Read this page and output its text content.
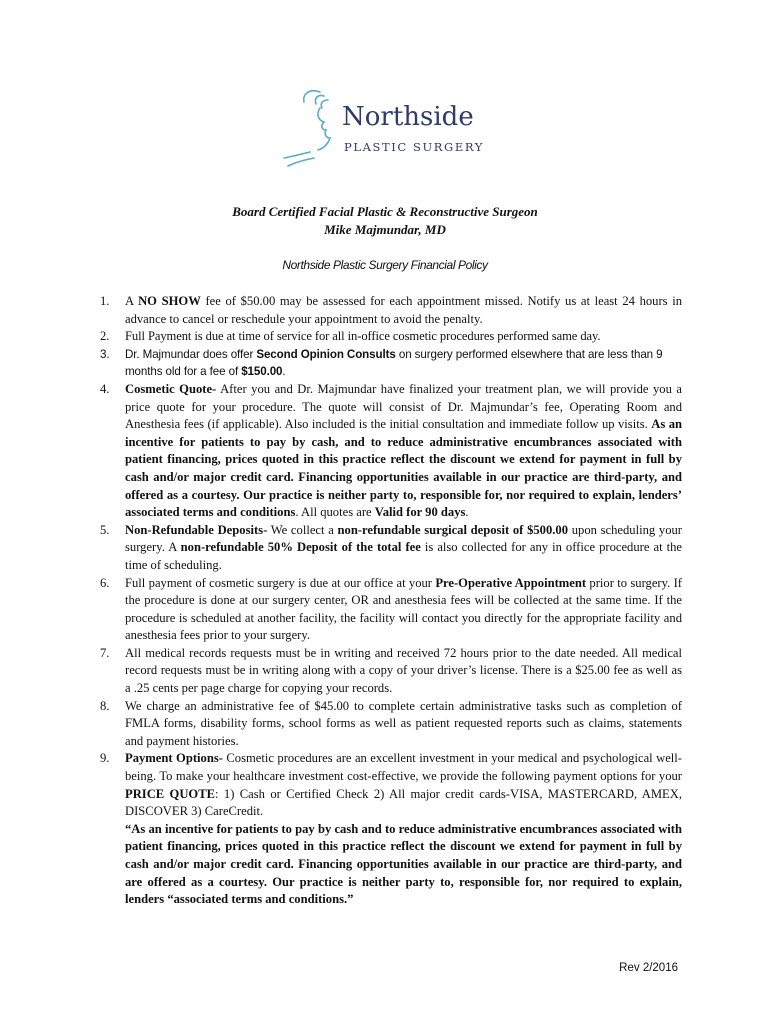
Northside
PLASTIC SURGERY
Board Certified Facial Plastic & Reconstructive Surgeon
Mike Majmundar, MD
Northside Plastic Surgery Financial Policy
1. A NO SHOW fee of $50.00 may be assessed for each appointment missed. Notify us at least 24 hours in advance to cancel or reschedule your appointment to avoid the penalty.
2. Full Payment is due at time of service for all in-office cosmetic procedures performed same day.
3. Dr. Majmundar does offer Second Opinion Consults on surgery performed elsewhere that are less than 9 months old for a fee of $150.00.
4. Cosmetic Quote- After you and Dr. Majmundar have finalized your treatment plan, we will provide you a price quote for your procedure. The quote will consist of Dr. Majmundar’s fee, Operating Room and Anesthesia fees (if applicable). Also included is the initial consultation and immediate follow up visits. As an incentive for patients to pay by cash, and to reduce administrative encumbrances associated with patient financing, prices quoted in this practice reflect the discount we extend for payment in full by cash and/or major credit card. Financing opportunities available in our practice are third-party, and offered as a courtesy. Our practice is neither party to, responsible for, nor required to explain, lenders’ associated terms and conditions. All quotes are Valid for 90 days.
5. Non-Refundable Deposits- We collect a non-refundable surgical deposit of $500.00 upon scheduling your surgery. A non-refundable 50% Deposit of the total fee is also collected for any in office procedure at the time of scheduling.
6. Full payment of cosmetic surgery is due at our office at your Pre-Operative Appointment prior to surgery. If the procedure is done at our surgery center, OR and anesthesia fees will be collected at the same time. If the procedure is scheduled at another facility, the facility will contact you directly for the appropriate facility and anesthesia fees prior to your surgery.
7. All medical records requests must be in writing and received 72 hours prior to the date needed. All medical record requests must be in writing along with a copy of your driver’s license. There is a $25.00 fee as well as a .25 cents per page charge for copying your records.
8. We charge an administrative fee of $45.00 to complete certain administrative tasks such as completion of FMLA forms, disability forms, school forms as well as patient requested reports such as claims, statements and payment histories.
9. Payment Options- Cosmetic procedures are an excellent investment in your medical and psychological well-being. To make your healthcare investment cost-effective, we provide the following payment options for your PRICE QUOTE: 1) Cash or Certified Check 2) All major credit cards-VISA, MASTERCARD, AMEX, DISCOVER 3) CareCredit.
“As an incentive for patients to pay by cash and to reduce administrative encumbrances associated with patient financing, prices quoted in this practice reflect the discount we extend for payment in full by cash and/or major credit card. Financing opportunities available in our practice are third-party, and are offered as a courtesy. Our practice is neither party to, responsible for, nor required to explain, lenders “associated terms and conditions.”
Rev 2/2016
